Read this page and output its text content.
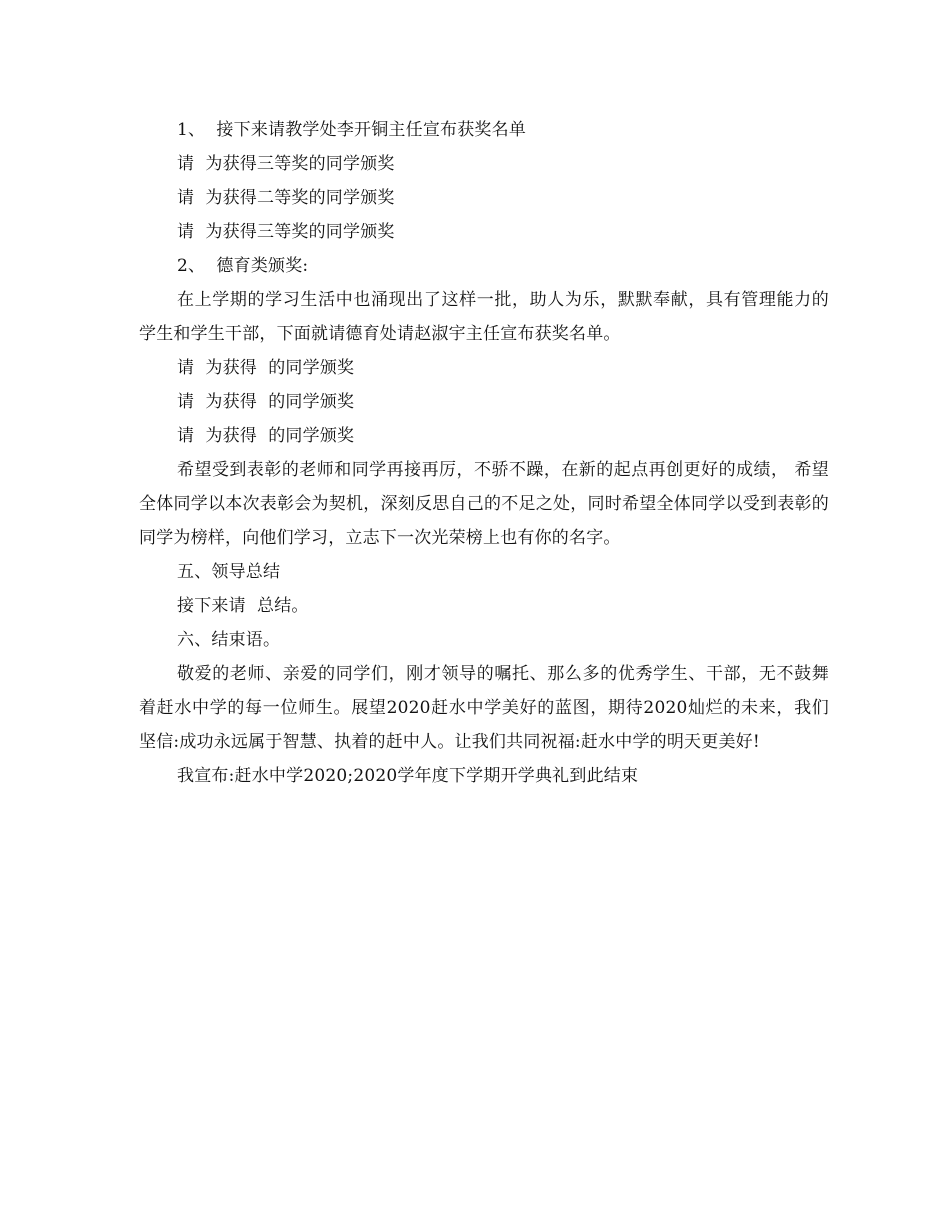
1、  接下来请教学处李开铜主任宣布获奖名单

请  为获得三等奖的同学颁奖

请  为获得二等奖的同学颁奖

请  为获得三等奖的同学颁奖

2、  德育类颁奖:

在上学期的学习生活中也涌现出了这样一批，助人为乐，默默奉献，具有管理能力的学生和学生干部，下面就请德育处请赵淑宇主任宣布获奖名单。

请  为获得  的同学颁奖

请  为获得  的同学颁奖

请  为获得  的同学颁奖

希望受到表彰的老师和同学再接再厉，不骄不躁，在新的起点再创更好的成绩， 希望全体同学以本次表彰会为契机，深刻反思自己的不足之处，同时希望全体同学以受到表彰的同学为榜样，向他们学习，立志下一次光荣榜上也有你的名字。

五、领导总结

接下来请  总结。

六、结束语。

敬爱的老师、亲爱的同学们，刚才领导的嘱托、那么多的优秀学生、干部，无不鼓舞着赶水中学的每一位师生。展望2020赶水中学美好的蓝图，期待2020灿烂的未来，我们坚信:成功永远属于智慧、执着的赶中人。让我们共同祝福:赶水中学的明天更美好!

我宣布:赶水中学2020;2020学年度下学期开学典礼到此结束
